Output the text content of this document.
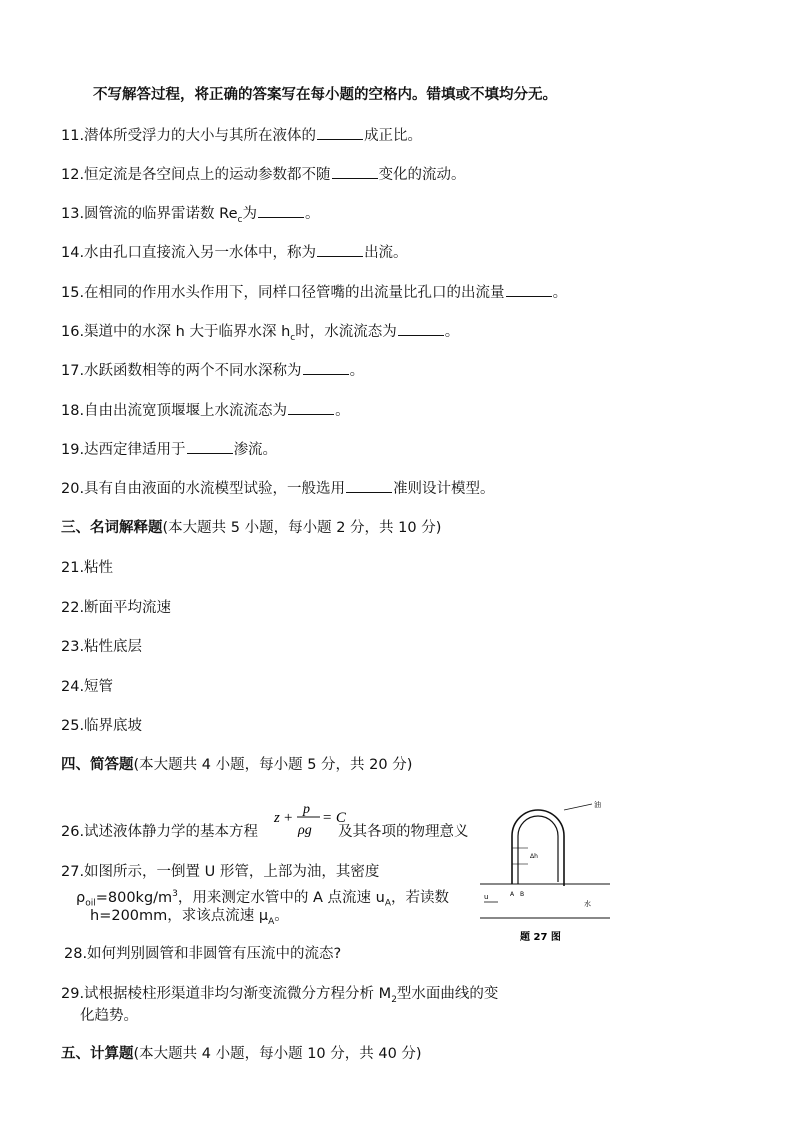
不写解答过程，将正确的答案写在每小题的空格内。错填或不填均分无。
11.潜体所受浮力的大小与其所在液体的	成正比。
12.恒定流是各空间点上的运动参数都不随	变化的流动。
13.圆管流的临界雷诺数 $Re_c$为	。
14.水由孔口直接流入另一水体中，称为	出流。
15.在相同的作用水头作用下，同样口径管嘴的出流量比孔口的出流量	。
16.渠道中的水深 h 大于临界水深 $h_c$时，水流流态为	。
17.水跃函数相等的两个不同水深称为	。
18.自由出流宽顶堰堰上水流流态为	。
19.达西定律适用于	渗流。
20.具有自由液面的水流模型试验，一般选用	准则设计模型。
三、名词解释题(本大题共 5 小题，每小题 2 分，共 10 分)
21.粘性
22.断面平均流速
23.粘性底层
24.短管
25.临界底坡
四、简答题(本大题共 4 小题，每小题 5 分，共 20 分)
26.试述液体静力学的基本方程	及其各项的物理意义
z +
p
ρg
= C
油
Δh
u	A B
水
题 27 图
27.如图所示，一倒置 U 形管，上部为油，其密度
$\rho_{oil}=800kg/m^3$，用来测定水管中的 A 点流速 $u_A$，若读数
h=200mm，求该点流速 $\mu_A$。
28.如何判别圆管和非圆管有压流中的流态?
29.试根据棱柱形渠道非均匀渐变流微分方程分析 $M_2$型水面曲线的变
化趋势。
五、计算题(本大题共 4 小题，每小题 10 分，共 40 分)
